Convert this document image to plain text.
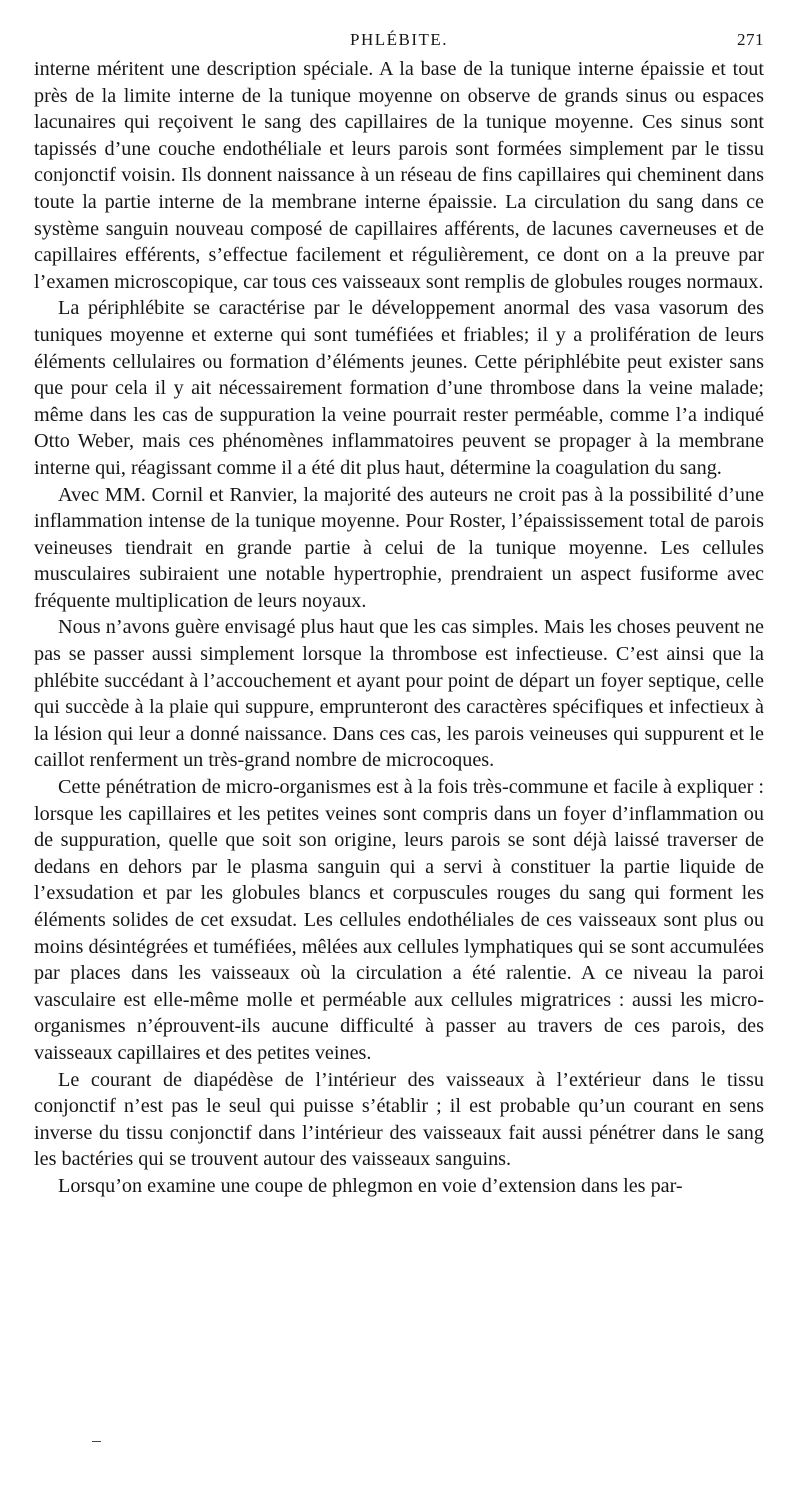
PHLÉBITE.	271

interne méritent une description spéciale. A la base de la tunique interne épaissie et tout près de la limite interne de la tunique moyenne on observe de grands sinus ou espaces lacunaires qui reçoivent le sang des capillaires de la tunique moyenne. Ces sinus sont tapissés d’une couche endothéliale et leurs parois sont formées simplement par le tissu conjonctif voisin. Ils donnent naissance à un réseau de fins capillaires qui cheminent dans toute la partie interne de la membrane interne épaissie. La circulation du sang dans ce système sanguin nouveau composé de capillaires afférents, de lacunes caverneuses et de capillaires efférents, s’effectue facilement et régulièrement, ce dont on a la preuve par l’examen microscopique, car tous ces vaisseaux sont remplis de globules rouges normaux.

La périphlébite se caractérise par le développement anormal des vasa vasorum des tuniques moyenne et externe qui sont tuméfiées et friables; il y a prolifération de leurs éléments cellulaires ou formation d’éléments jeunes. Cette périphlébite peut exister sans que pour cela il y ait nécessairement formation d’une thrombose dans la veine malade; même dans les cas de suppuration la veine pourrait rester perméable, comme l’a indiqué Otto Weber, mais ces phénomènes inflammatoires peuvent se propager à la membrane interne qui, réagissant comme il a été dit plus haut, détermine la coagulation du sang.

Avec MM. Cornil et Ranvier, la majorité des auteurs ne croit pas à la possibilité d’une inflammation intense de la tunique moyenne. Pour Roster, l’épaississement total de parois veineuses tiendrait en grande partie à celui de la tunique moyenne. Les cellules musculaires subiraient une notable hypertrophie, prendraient un aspect fusiforme avec fréquente multiplication de leurs noyaux.

Nous n’avons guère envisagé plus haut que les cas simples. Mais les choses peuvent ne pas se passer aussi simplement lorsque la thrombose est infectieuse. C’est ainsi que la phlébite succédant à l’accouchement et ayant pour point de départ un foyer septique, celle qui succède à la plaie qui suppure, emprunteront des caractères spécifiques et infectieux à la lésion qui leur a donné naissance. Dans ces cas, les parois veineuses qui suppurent et le caillot renferment un très-grand nombre de microcoques.

Cette pénétration de micro-organismes est à la fois très-commune et facile à expliquer : lorsque les capillaires et les petites veines sont compris dans un foyer d’inflammation ou de suppuration, quelle que soit son origine, leurs parois se sont déjà laissé traverser de dedans en dehors par le plasma sanguin qui a servi à constituer la partie liquide de l’exsudation et par les globules blancs et corpuscules rouges du sang qui forment les éléments solides de cet exsudat. Les cellules endothéliales de ces vaisseaux sont plus ou moins désintégrées et tuméfiées, mêlées aux cellules lymphatiques qui se sont accumulées par places dans les vaisseaux où la circulation a été ralentie. A ce niveau la paroi vasculaire est elle-même molle et perméable aux cellules migratrices : aussi les micro-organismes n’éprouvent-ils aucune difficulté à passer au travers de ces parois, des vaisseaux capillaires et des petites veines.

Le courant de diapédèse de l’intérieur des vaisseaux à l’extérieur dans le tissu conjonctif n’est pas le seul qui puisse s’établir ; il est probable qu’un courant en sens inverse du tissu conjonctif dans l’intérieur des vaisseaux fait aussi pénétrer dans le sang les bactéries qui se trouvent autour des vaisseaux sanguins.

Lorsqu’on examine une coupe de phlegmon en voie d’extension dans les par-
